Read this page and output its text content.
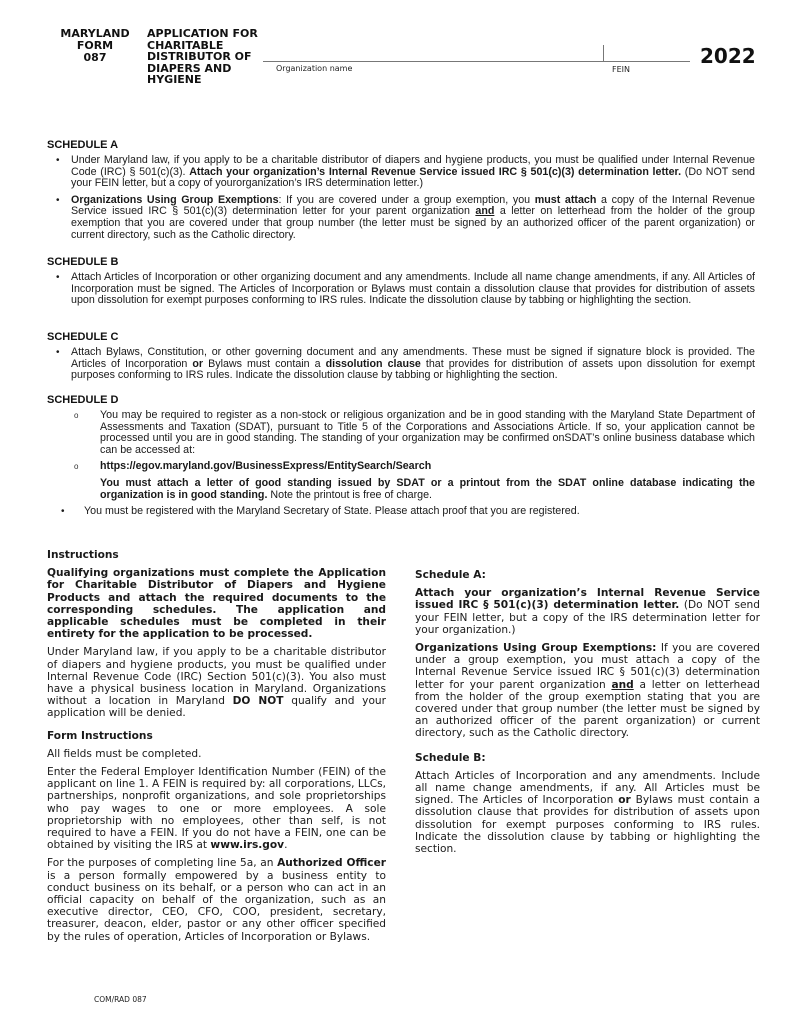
MARYLAND
FORM
087
APPLICATION FOR
CHARITABLE
DISTRIBUTOR OF
DIAPERS AND
HYGIENE
Organization name	FEIN
2022
SCHEDULE A

• Under Maryland law, if you apply to be a charitable distributor of diapers and hygiene products, you must be qualified under Internal Revenue Code (IRC) § 501(c)(3). Attach your organization’s Internal Revenue Service issued IRC § 501(c)(3) determination letter. (Do NOT send your FEIN letter, but a copy of yourorganization’s IRS determination letter.)

• Organizations Using Group Exemptions: If you are covered under a group exemption, you must attach a copy of the Internal Revenue Service issued IRC § 501(c)(3) determination letter for your parent organization and a letter on letterhead from the holder of the group exemption that you are covered under that group number (the letter must be signed by an authorized officer of the parent organization) or current directory, such as the Catholic directory.

SCHEDULE B

• Attach Articles of Incorporation or other organizing document and any amendments. Include all name change amendments, if any. All Articles of Incorporation must be signed. The Articles of Incorporation or Bylaws must contain a dissolution clause that provides for distribution of assets upon dissolution for exempt purposes conforming to IRS rules. Indicate the dissolution clause by tabbing or highlighting the section.

SCHEDULE C

• Attach Bylaws, Constitution, or other governing document and any amendments. These must be signed if signature block is provided. The Articles of Incorporation or Bylaws must contain a dissolution clause that provides for distribution of assets upon dissolution for exempt purposes conforming to IRS rules. Indicate the dissolution clause by tabbing or highlighting the section.

SCHEDULE D

o You may be required to register as a non-stock or religious organization and be in good standing with the Maryland State Department of Assessments and Taxation (SDAT), pursuant to Title 5 of the Corporations and Associations Article. If so, your application cannot be processed until you are in good standing. The standing of your organization may be confirmed onSDAT’s online business database which can be accessed at:

o https://egov.maryland.gov/BusinessExpress/EntitySearch/Search

You must attach a letter of good standing issued by SDAT or a printout from the SDAT online database indicating the organization is in good standing. Note the printout is free of charge.

• You must be registered with the Maryland Secretary of State. Please attach proof that you are registered.

Instructions

Qualifying organizations must complete the Application for Charitable Distributor of Diapers and Hygiene Products and attach the required documents to the corresponding schedules. The application and applicable schedules must be completed in their entirety for the application to be processed.

Under Maryland law, if you apply to be a charitable distributor of diapers and hygiene products, you must be qualified under Internal Revenue Code (IRC) Section 501(c)(3). You also must have a physical business location in Maryland. Organizations without a location in Maryland DO NOT qualify and your application will be denied.

Form Instructions

All fields must be completed.

Enter the Federal Employer Identification Number (FEIN) of the applicant on line 1. A FEIN is required by: all corporations, LLCs, partnerships, nonprofit organizations, and sole proprietorships who pay wages to one or more employees. A sole proprietorship with no employees, other than self, is not required to have a FEIN. If you do not have a FEIN, one can be obtained by visiting the IRS at www.irs.gov.

For the purposes of completing line 5a, an Authorized Officer is a person formally empowered by a business entity to conduct business on its behalf, or a person who can act in an official capacity on behalf of the organization, such as an executive director, CEO, CFO, COO, president, secretary, treasurer, deacon, elder, pastor or any other officer specified by the rules of operation, Articles of Incorporation or Bylaws.

Schedule A:

Attach your organization’s Internal Revenue Service issued IRC § 501(c)(3) determination letter. (Do NOT send your FEIN letter, but a copy of the IRS determination letter for your organization.)

Organizations Using Group Exemptions: If you are covered under a group exemption, you must attach a copy of the Internal Revenue Service issued IRC § 501(c)(3) determination letter for your parent organization and a letter on letterhead from the holder of the group exemption stating that you are covered under that group number (the letter must be signed by an authorized officer of the parent organization) or current directory, such as the Catholic directory.

Schedule B:

Attach Articles of Incorporation and any amendments. Include all name change amendments, if any. All Articles must be signed. The Articles of Incorporation or Bylaws must contain a dissolution clause that provides for distribution of assets upon dissolution for exempt purposes conforming to IRS rules. Indicate the dissolution clause by tabbing or highlighting the section.

COM/RAD 087
